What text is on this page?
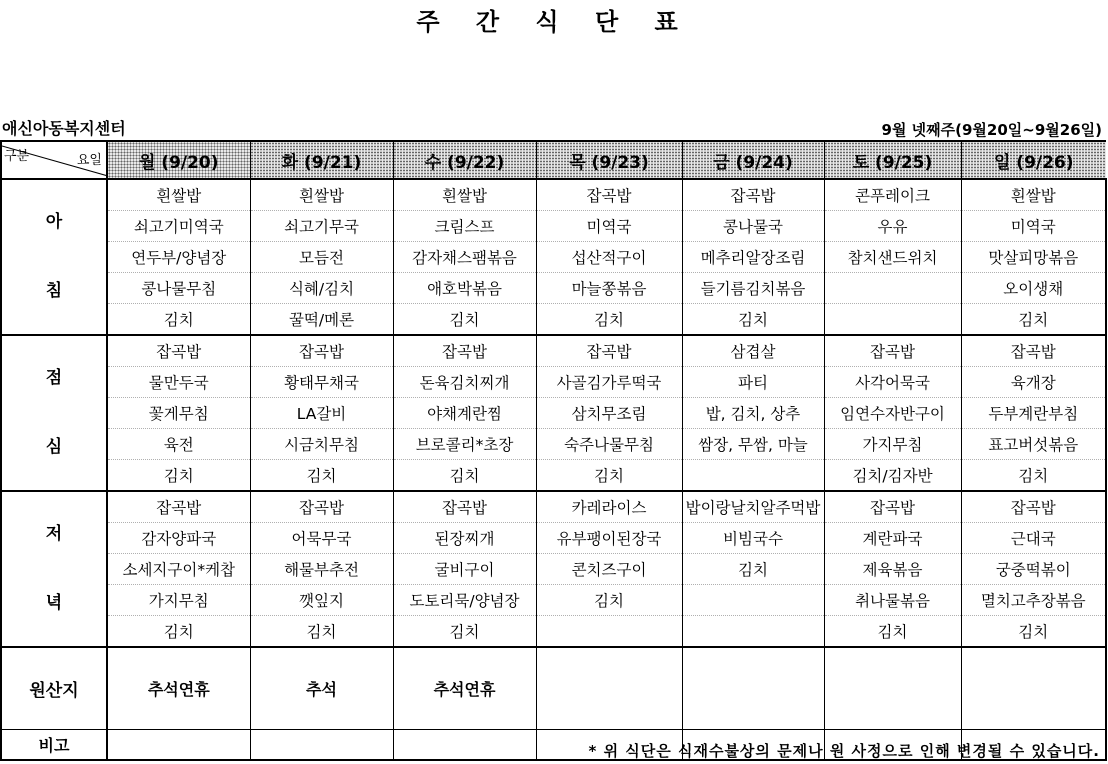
주 간 식 단 표
애신아동복지센터	9월 넷째주(9월20일~9월26일)
구분 요일	월 (9/20)	화 (9/21)	수 (9/22)	목 (9/23)	금 (9/24)	토 (9/25)	일 (9/26)

아
침	흰쌀밥	흰쌀밥	흰쌀밥	잡곡밥	잡곡밥	콘푸레이크	흰쌀밥
	쇠고기미역국	쇠고기무국	크림스프	미역국	콩나물국	우유	미역국
	연두부/양념장	모듬전	감자채스팸볶음	섭산적구이	메추리알장조림	참치샌드위치	맛살피망볶음
	콩나물무침	식혜/김치	애호박볶음	마늘쫑볶음	들기름김치볶음		오이생채
	김치	꿀떡/메론	김치	김치	김치		김치

점
심	잡곡밥	잡곡밥	잡곡밥	잡곡밥	삼겹살	잡곡밥	잡곡밥
	물만두국	황태무채국	돈육김치찌개	사골김가루떡국	파티	사각어묵국	육개장
	꽃게무침	LA갈비	야채계란찜	삼치무조림	밥, 김치, 상추	임연수자반구이	두부계란부침
	육전	시금치무침	브로콜리*초장	숙주나물무침	쌈장, 무쌈, 마늘	가지무침	표고버섯볶음
	김치	김치	김치	김치		김치/김자반	김치

저
녁	잡곡밥	잡곡밥	잡곡밥	카레라이스	밥이랑날치알주먹밥	잡곡밥	잡곡밥
	감자양파국	어묵무국	된장찌개	유부팽이된장국	비빔국수	계란파국	근대국
	소세지구이*케찹	해물부추전	굴비구이	콘치즈구이	김치	제육볶음	궁중떡볶이
	가지무침	깻잎지	도토리묵/양념장	김치		취나물볶음	멸치고추장볶음
	김치	김치	김치			김치	김치
원산지	추석연휴	추석	추석연휴				
비고								* 위 식단은 식재수불상의 문제나 원 사정으로 인해 변경될 수 있습니다.
